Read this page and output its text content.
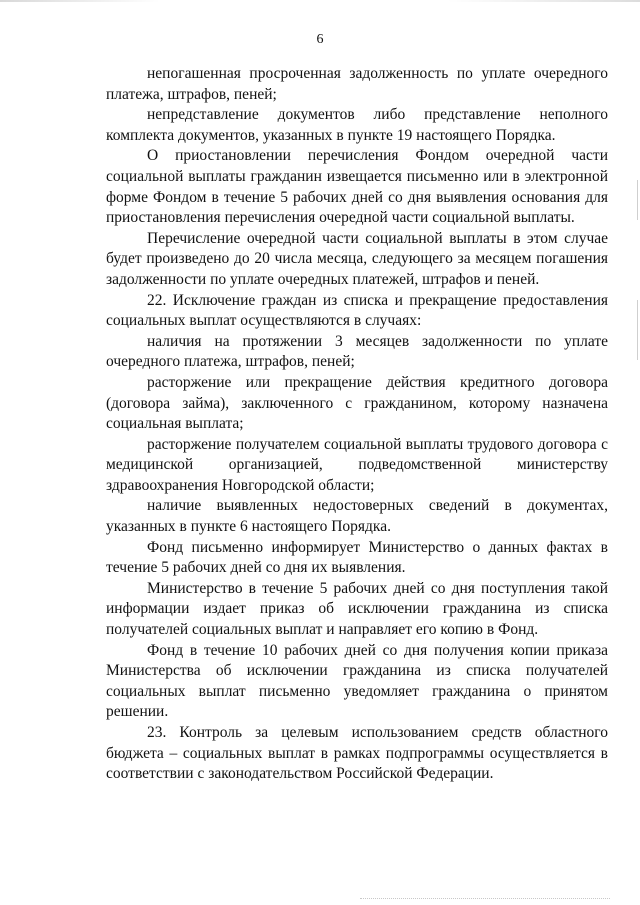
6

непогашенная просроченная задолженность по уплате очередного платежа, штрафов, пеней;

непредставление документов либо представление неполного комплекта документов, указанных в пункте 19 настоящего Порядка.

О приостановлении перечисления Фондом очередной части социальной выплаты гражданин извещается письменно или в электронной форме Фондом в течение 5 рабочих дней со дня выявления основания для приостановления перечисления очередной части социальной выплаты.

Перечисление очередной части социальной выплаты в этом случае будет произведено до 20 числа месяца, следующего за месяцем погашения задолженности по уплате очередных платежей, штрафов и пеней.

22. Исключение граждан из списка и прекращение предоставления социальных выплат осуществляются в случаях:

наличия на протяжении 3 месяцев задолженности по уплате очередного платежа, штрафов, пеней;

расторжение или прекращение действия кредитного договора (договора займа), заключенного с гражданином, которому назначена социальная выплата;

расторжение получателем социальной выплаты трудового договора с медицинской организацией, подведомственной министерству здравоохранения Новгородской области;

наличие выявленных недостоверных сведений в документах, указанных в пункте 6 настоящего Порядка.

Фонд письменно информирует Министерство о данных фактах в течение 5 рабочих дней со дня их выявления.

Министерство в течение 5 рабочих дней со дня поступления такой информации издает приказ об исключении гражданина из списка получателей социальных выплат и направляет его копию в Фонд.

Фонд в течение 10 рабочих дней со дня получения копии приказа Министерства об исключении гражданина из списка получателей социальных выплат письменно уведомляет гражданина о принятом решении.

23. Контроль за целевым использованием средств областного бюджета – социальных выплат в рамках подпрограммы осуществляется в соответствии с законодательством Российской Федерации.
